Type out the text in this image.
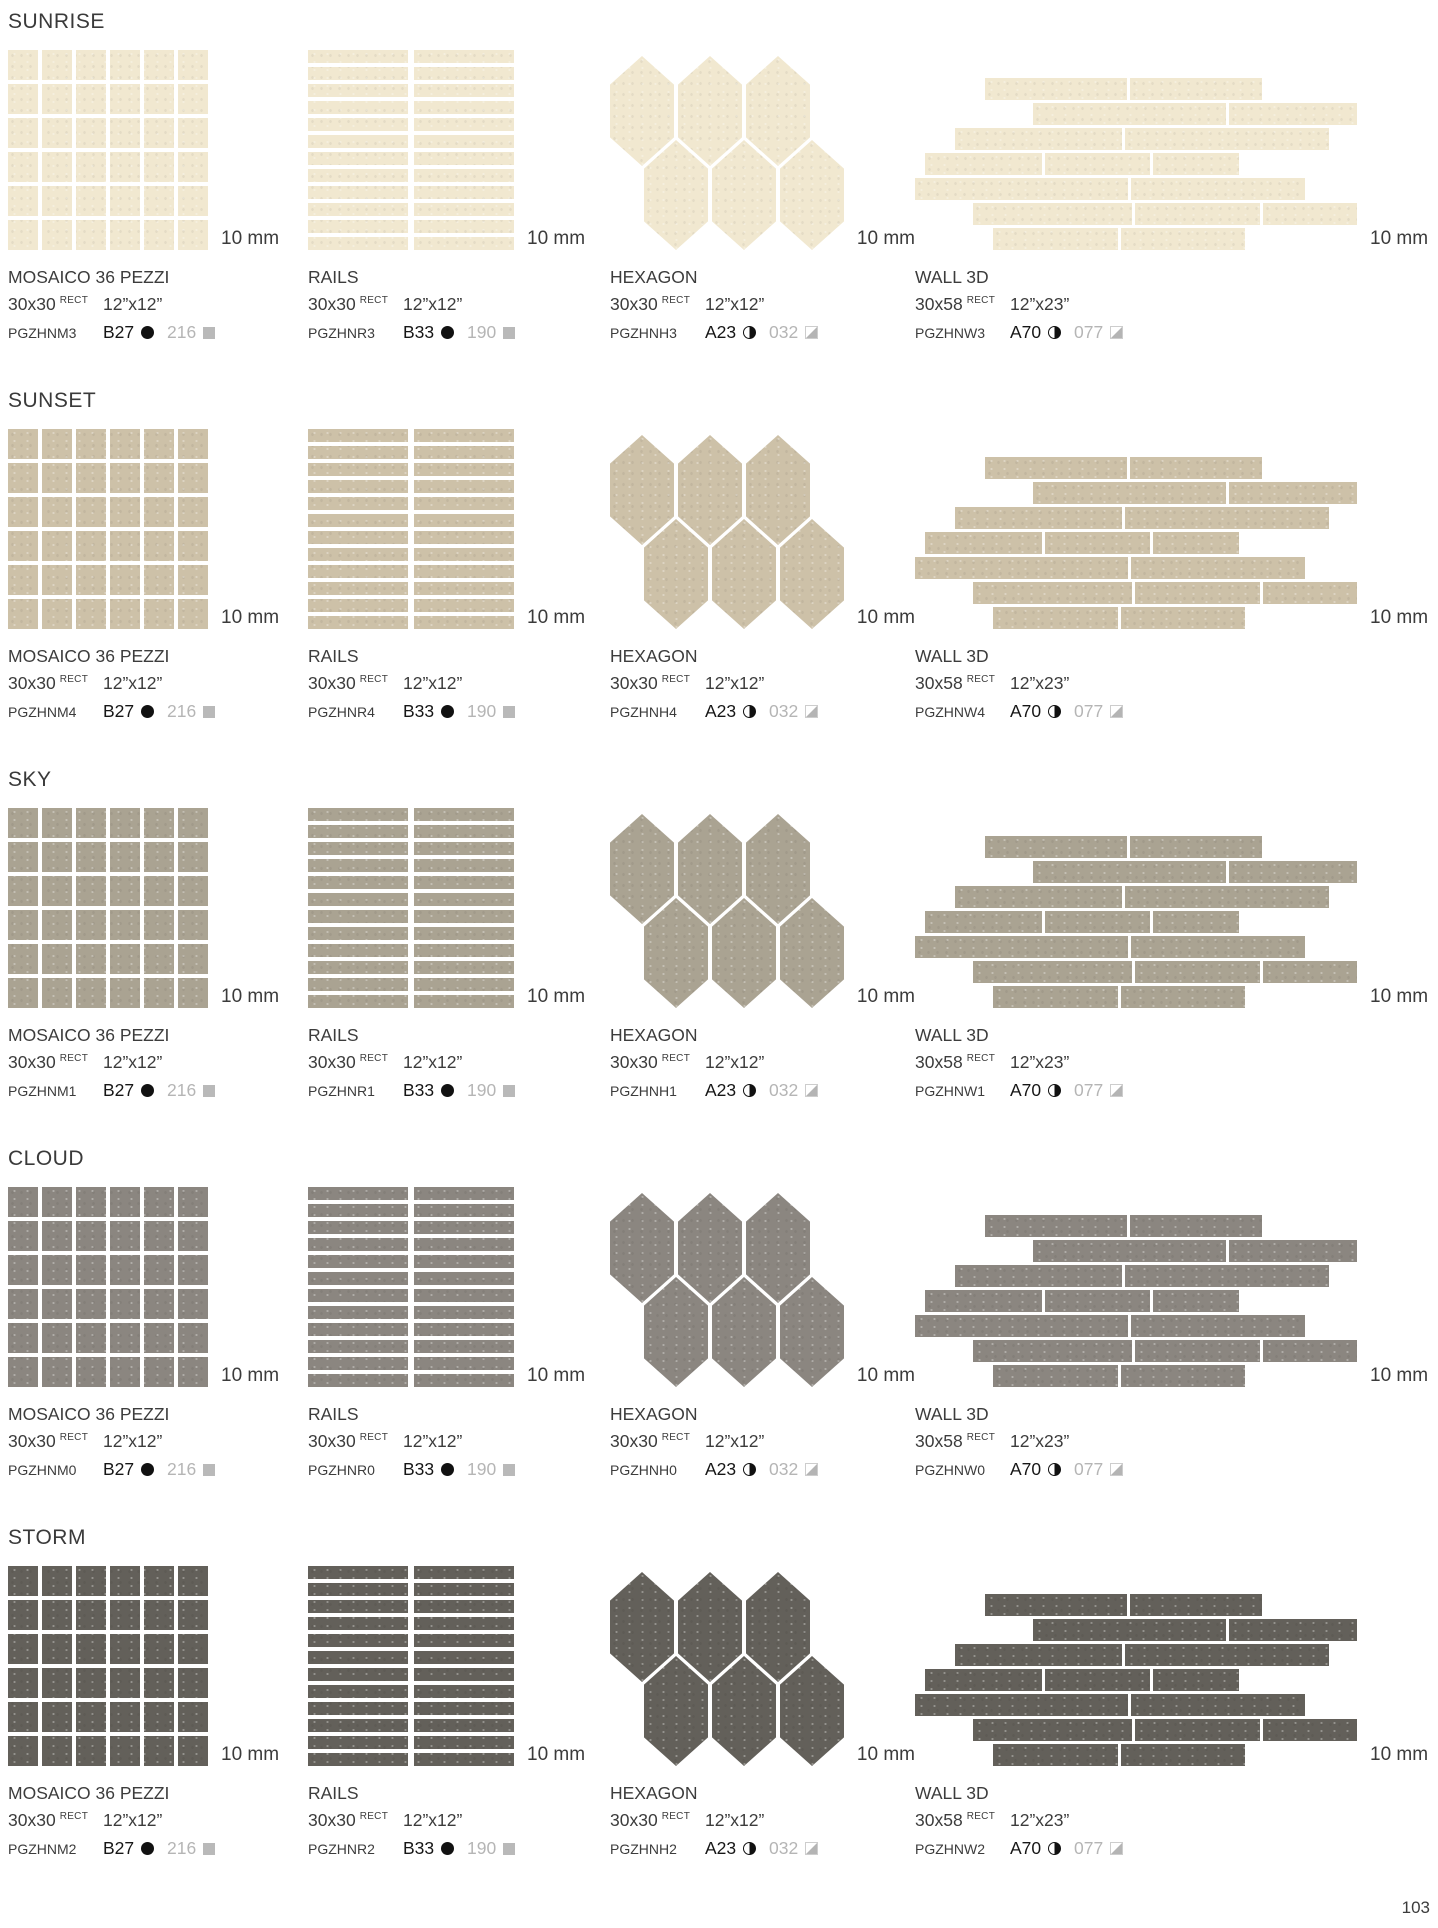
SUNRISE
10 mm
MOSAICO 36 PEZZI
30x30 $^{RECT}$ 12”x12”
PGZHNM3	B27	216
10 mm
RAILS
30x30 $^{RECT}$ 12”x12”
PGZHNR3	B33	190
10 mm
HEXAGON
30x30 $^{RECT}$ 12”x12”
PGZHNH3	A23	032
10 mm
WALL 3D
30x58 $^{RECT}$ 12”x23”
PGZHNW3	A70	077
SUNSET
10 mm
MOSAICO 36 PEZZI
30x30 $^{RECT}$ 12”x12”
PGZHNM4	B27	216
10 mm
RAILS
30x30 $^{RECT}$ 12”x12”
PGZHNR4	B33	190
10 mm
HEXAGON
30x30 $^{RECT}$ 12”x12”
PGZHNH4	A23	032
10 mm
WALL 3D
30x58 $^{RECT}$ 12”x23”
PGZHNW4	A70	077
SKY
10 mm
MOSAICO 36 PEZZI
30x30 $^{RECT}$ 12”x12”
PGZHNM1	B27	216
10 mm
RAILS
30x30 $^{RECT}$ 12”x12”
PGZHNR1	B33	190
10 mm
HEXAGON
30x30 $^{RECT}$ 12”x12”
PGZHNH1	A23	032
10 mm
WALL 3D
30x58 $^{RECT}$ 12”x23”
PGZHNW1	A70	077
CLOUD
10 mm
MOSAICO 36 PEZZI
30x30 $^{RECT}$ 12”x12”
PGZHNM0	B27	216
10 mm
RAILS
30x30 $^{RECT}$ 12”x12”
PGZHNR0	B33	190
10 mm
HEXAGON
30x30 $^{RECT}$ 12”x12”
PGZHNH0	A23	032
10 mm
WALL 3D
30x58 $^{RECT}$ 12”x23”
PGZHNW0	A70	077
STORM
10 mm
MOSAICO 36 PEZZI
30x30 $^{RECT}$ 12”x12”
PGZHNM2	B27	216
10 mm
RAILS
30x30 $^{RECT}$ 12”x12”
PGZHNR2	B33	190
10 mm
HEXAGON
30x30 $^{RECT}$ 12”x12”
PGZHNH2	A23	032
10 mm
WALL 3D
30x58 $^{RECT}$ 12”x23”
PGZHNW2	A70	077
103
